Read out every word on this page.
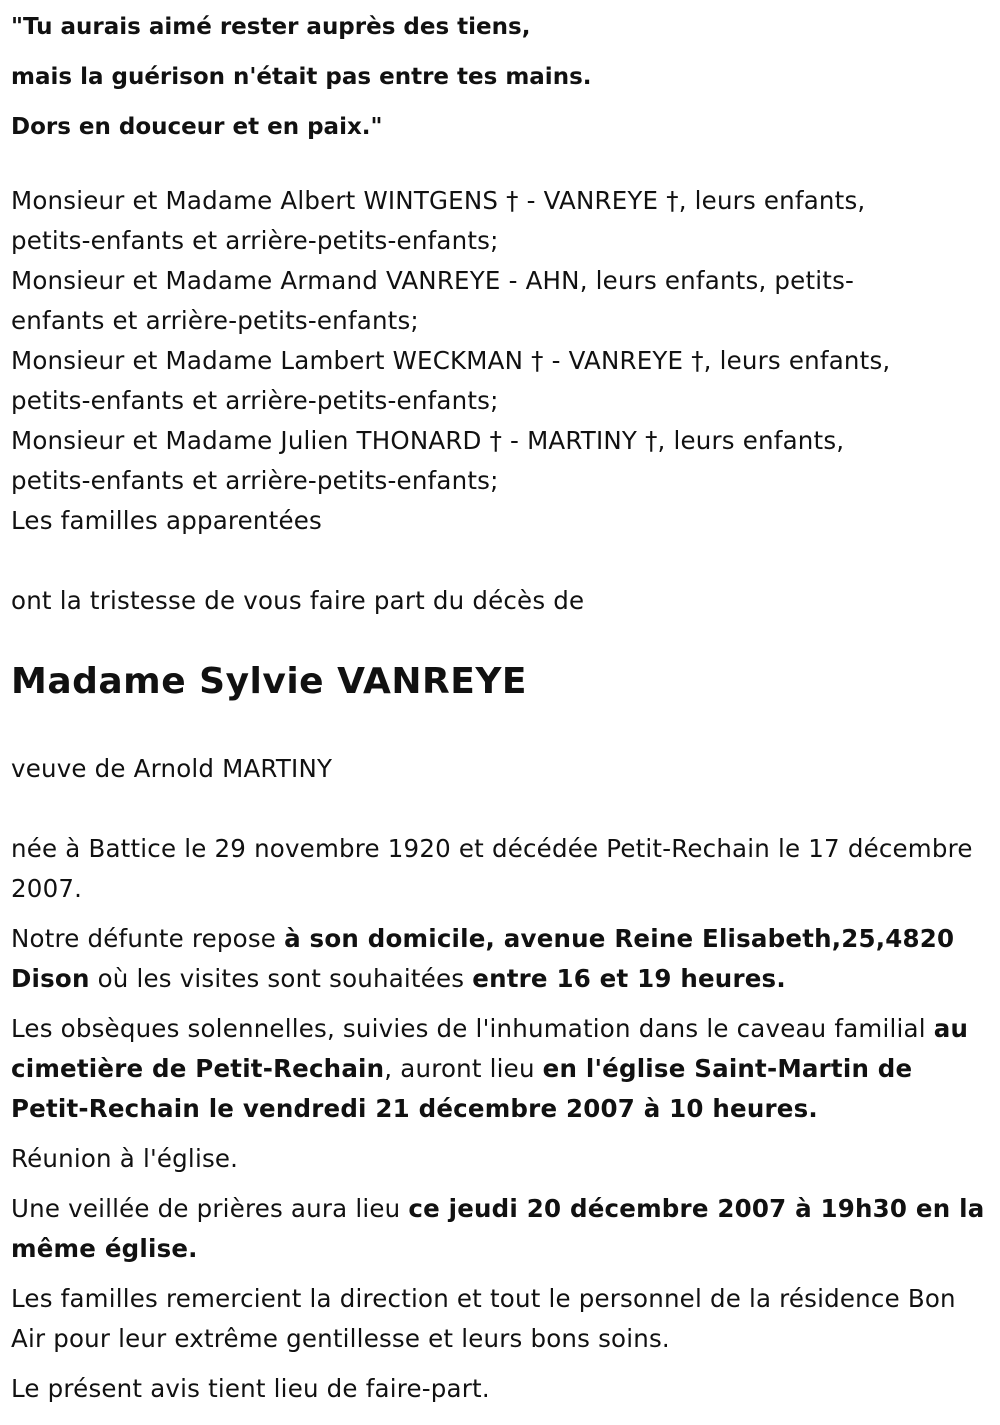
"Tu aurais aimé rester auprès des tiens,
mais la guérison n'était pas entre tes mains.
Dors en douceur et en paix."
Monsieur et Madame Albert WINTGENS † - VANREYE †, leurs enfants,
petits-enfants et arrière-petits-enfants;
Monsieur et Madame Armand VANREYE - AHN, leurs enfants, petits-
enfants et arrière-petits-enfants;
Monsieur et Madame Lambert WECKMAN † - VANREYE †, leurs enfants,
petits-enfants et arrière-petits-enfants;
Monsieur et Madame Julien THONARD † - MARTINY †, leurs enfants,
petits-enfants et arrière-petits-enfants;
Les familles apparentées
ont la tristesse de vous faire part du décès de
Madame Sylvie VANREYE
veuve de Arnold MARTINY
née à Battice le 29 novembre 1920 et décédée Petit-Rechain le 17 décembre 2007.
Notre défunte repose à son domicile, avenue Reine Elisabeth,25,4820 Dison où les visites sont souhaitées entre 16 et 19 heures.
Les obsèques solennelles, suivies de l'inhumation dans le caveau familial au cimetière de Petit-Rechain, auront lieu en l'église Saint-Martin de Petit-Rechain le vendredi 21 décembre 2007 à 10 heures.
Réunion à l'église.
Une veillée de prières aura lieu ce jeudi 20 décembre 2007 à 19h30 en la même église.
Les familles remercient la direction et tout le personnel de la résidence Bon Air pour leur extrême gentillesse et leurs bons soins.
Le présent avis tient lieu de faire-part.
